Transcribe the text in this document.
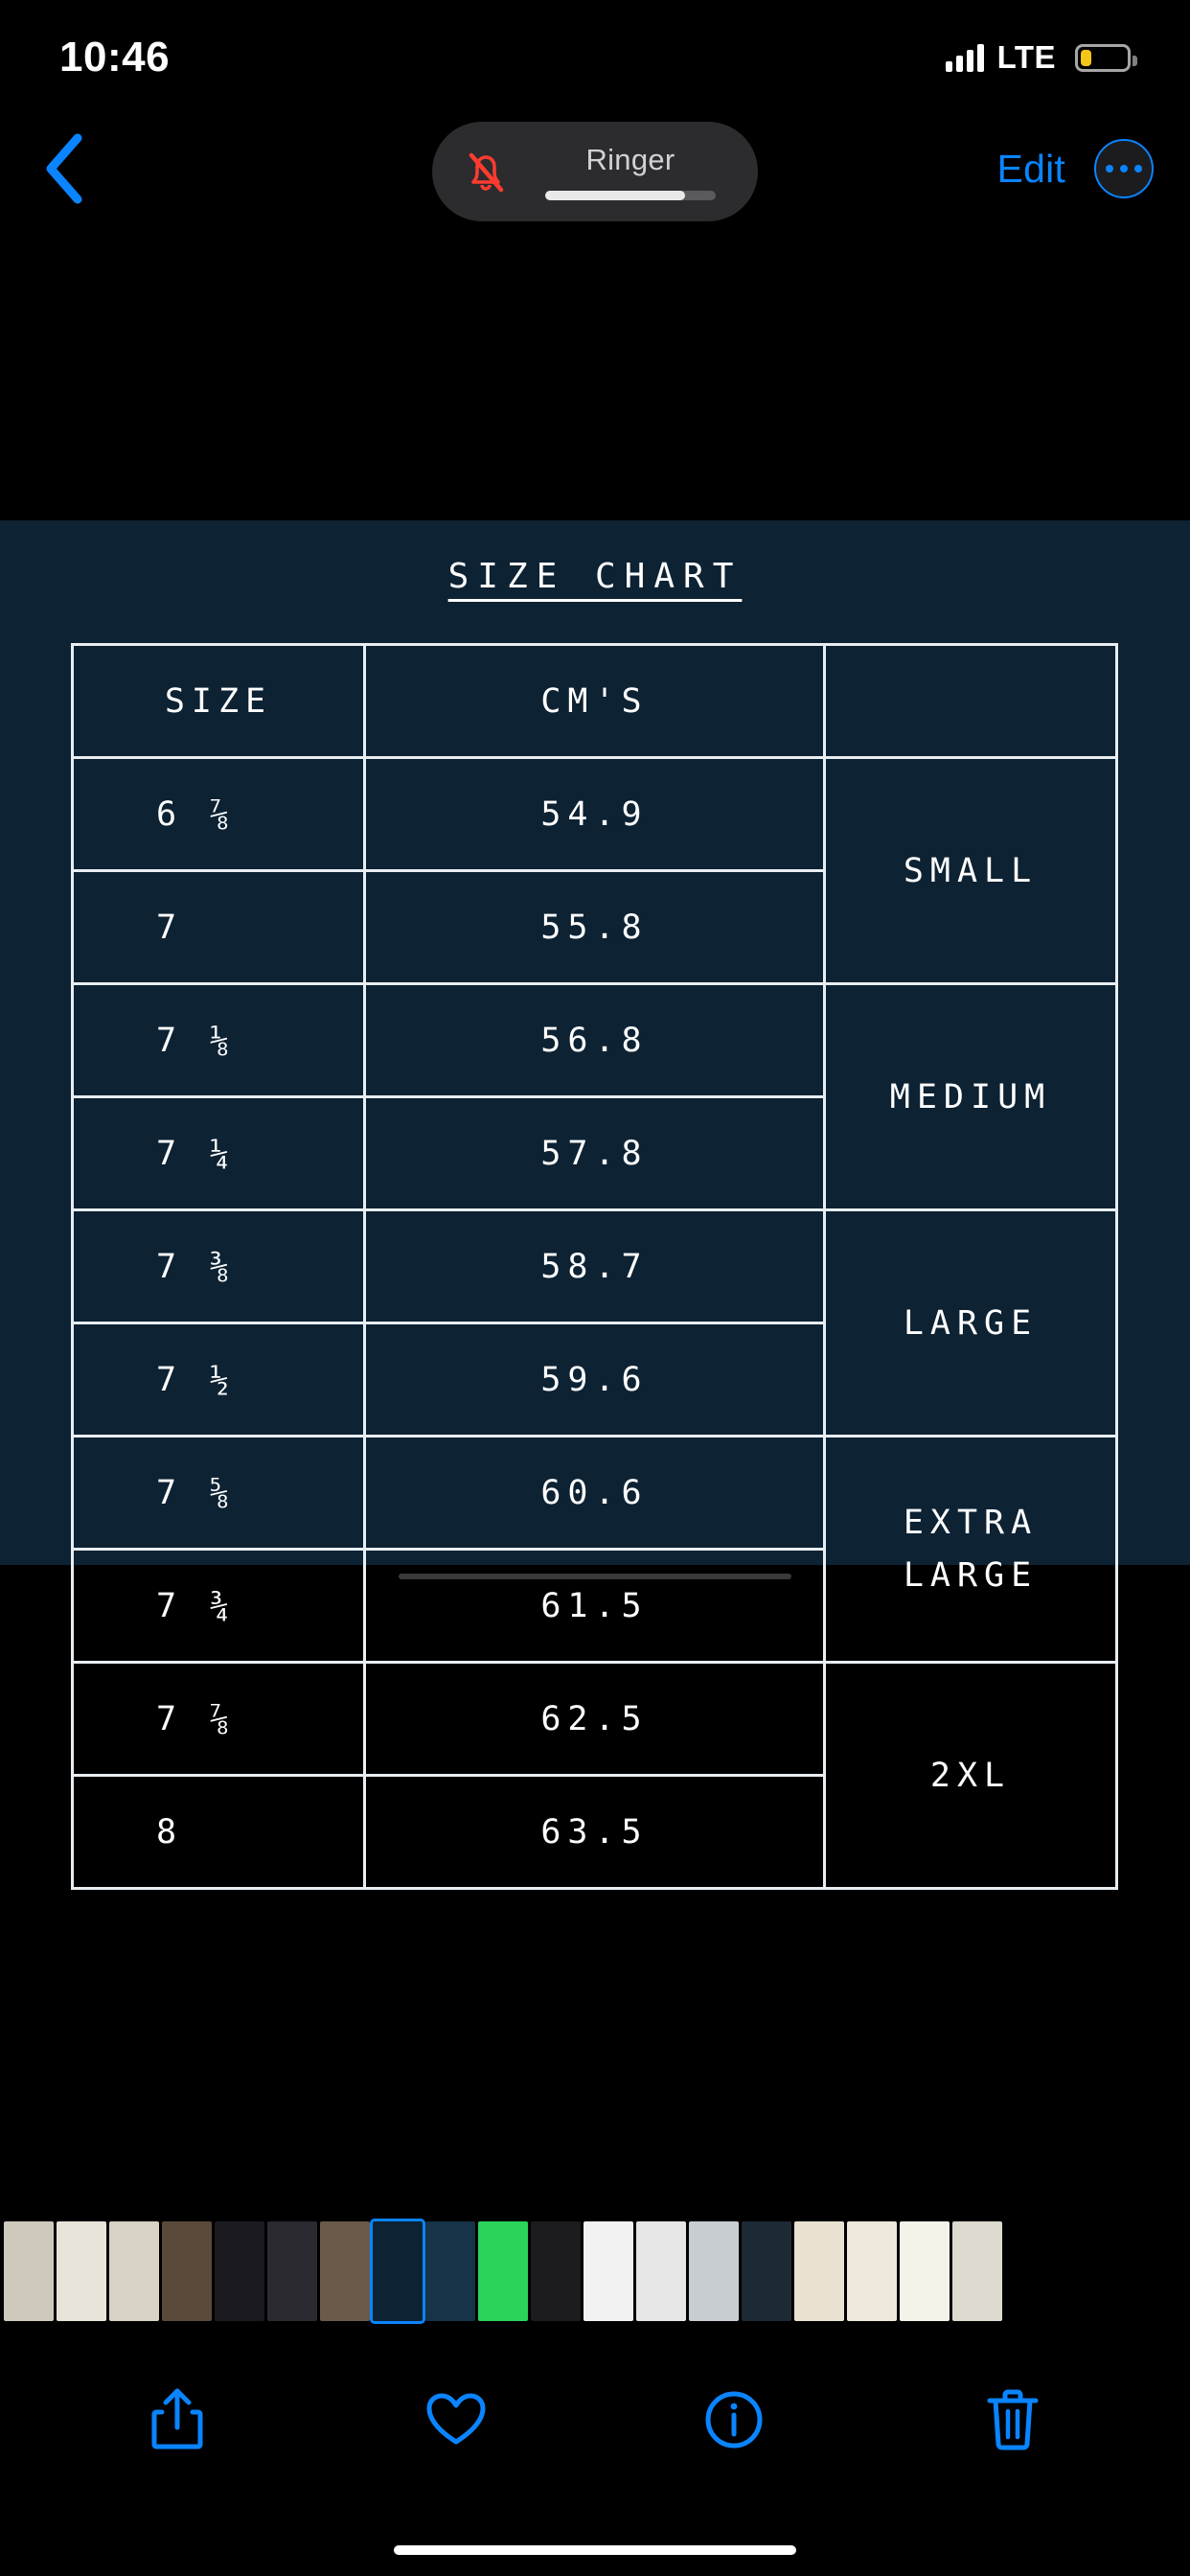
10:46	LTE
Edit
Ringer
SIZE CHART
SIZE	CM'S	
6 ⅞	54.9	SMALL
7	55.8	
7 ⅛	56.8	MEDIUM
7 ¼	57.8	
7 ⅜	58.7	LARGE
7 ½	59.6	
7 ⅝	60.6	EXTRA
LARGE
7 ¾	61.5	
7 ⅞	62.5	2XL
8	63.5	
